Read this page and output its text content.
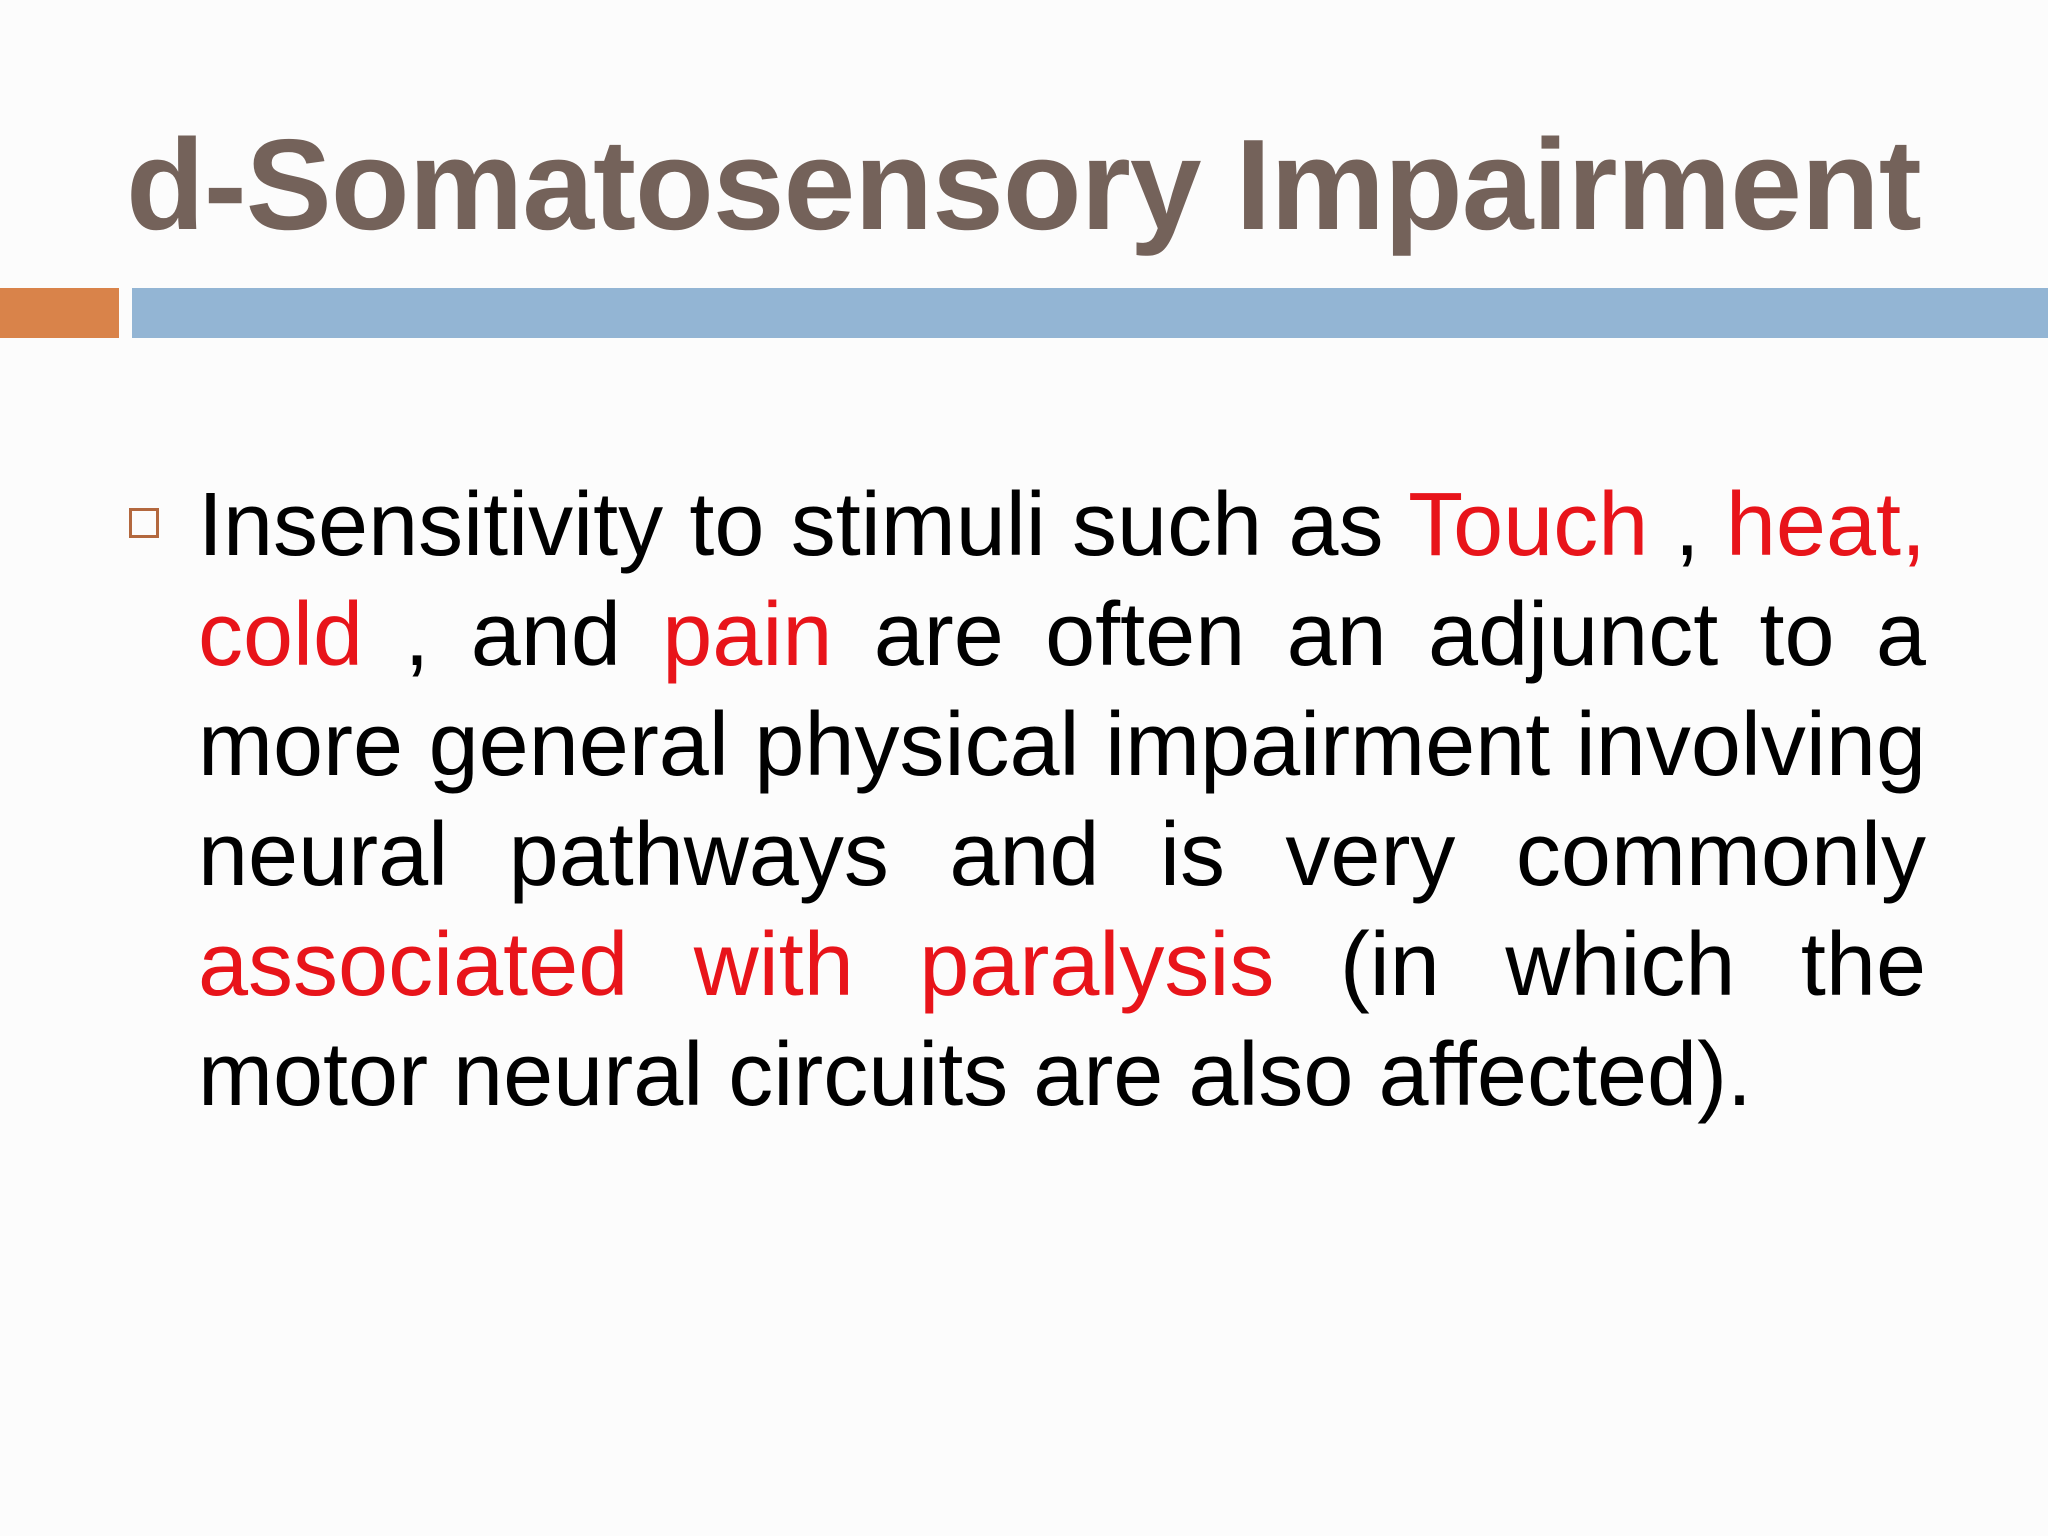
d-Somatosensory Impairment

Insensitivity to stimuli such as Touch , heat, cold , and pain are often an adjunct to a more general physical impairment involving neural pathways and is very commonly associated with paralysis (in which the motor neural circuits are also affected).
